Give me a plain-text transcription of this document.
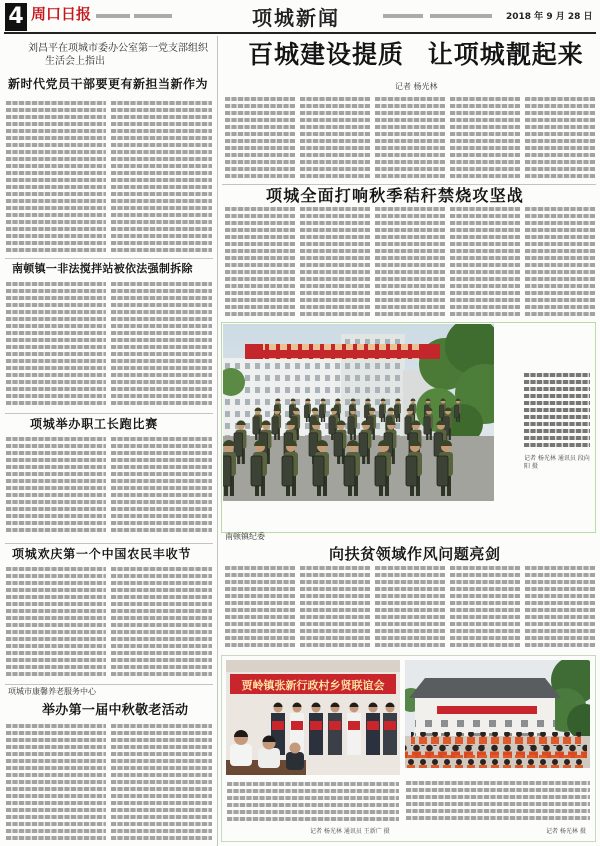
4 周口日报	项城新闻	2018 年 9 月 28 日
刘昌平在项城市委办公室第一党支部组织生活会上指出
新时代党员干部要更有新担当新作为
南顿镇一非法搅拌站被依法强制拆除
项城举办职工长跑比赛
项城欢庆第一个中国农民丰收节
项城市康馨养老服务中心
举办第一届中秋敬老活动
百城建设提质 让项城靓起来
记者 杨光林
项城全面打响秋季秸秆禁烧攻坚战
记者 杨光林 通讯员 段向阳 摄
南顿镇纪委
向扶贫领域作风问题亮剑
贾岭镇张新行政村乡贤联谊会
记者 杨光林 通讯员 王新广 摄	记者 杨光林 摄
